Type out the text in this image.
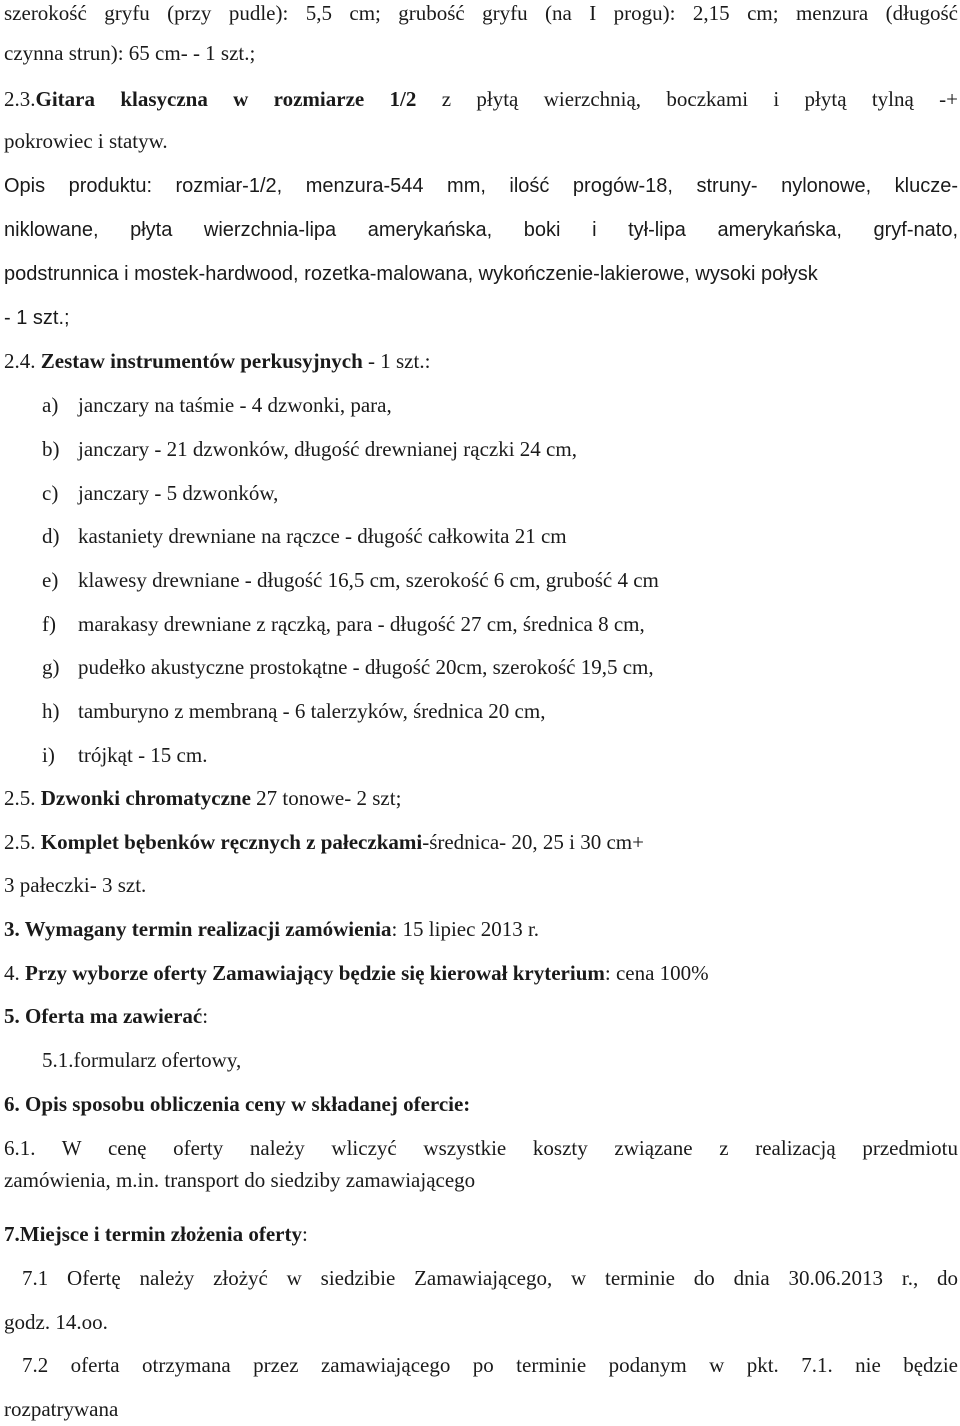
szerokość gryfu (przy pudle): 5,5 cm; grubość gryfu (na I progu): 2,15 cm; menzura (długość
czynna strun): 65 cm- - 1 szt.;
2.3.Gitara klasyczna w rozmiarze 1/2 z płytą wierzchnią, boczkami i płytą tylną -+
pokrowiec i statyw.
Opis produktu: rozmiar-1/2, menzura-544 mm, ilość progów-18, struny- nylonowe, klucze-
niklowane, płyta wierzchnia-lipa amerykańska, boki i tył-lipa amerykańska, gryf-nato,
podstrunnica i mostek-hardwood, rozetka-malowana, wykończenie-lakierowe, wysoki połysk
- 1 szt.;
2.4. Zestaw instrumentów perkusyjnych - 1 szt.:
a) janczary na taśmie - 4 dzwonki, para,
b) janczary - 21 dzwonków, długość drewnianej rączki 24 cm,
c) janczary - 5 dzwonków,
d) kastaniety drewniane na rączce - długość całkowita 21 cm
e) klawesy drewniane - długość 16,5 cm, szerokość 6 cm, grubość 4 cm
f) marakasy drewniane z rączką, para - długość 27 cm, średnica 8 cm,
g) pudełko akustyczne prostokątne - długość 20cm, szerokość 19,5 cm,
h) tamburyno z membraną - 6 talerzyków, średnica 20 cm,
i) trójkąt - 15 cm.
2.5. Dzwonki chromatyczne 27 tonowe- 2 szt;
2.5. Komplet bębenków ręcznych z pałeczkami-średnica- 20, 25 i 30 cm+
3 pałeczki- 3 szt.
3. Wymagany termin realizacji zamówienia: 15 lipiec 2013 r.
4. Przy wyborze oferty Zamawiający będzie się kierował kryterium: cena 100%
5. Oferta ma zawierać:
5.1.formularz ofertowy,
6. Opis sposobu obliczenia ceny w składanej ofercie:
6.1. W cenę oferty należy wliczyć wszystkie koszty związane z realizacją przedmiotu
zamówienia, m.in. transport do siedziby zamawiającego
7.Miejsce i termin złożenia oferty:
7.1 Ofertę należy złożyć w siedzibie Zamawiającego, w terminie do dnia 30.06.2013 r., do
godz. 14.oo.
7.2 oferta otrzymana przez zamawiającego po terminie podanym w pkt. 7.1. nie będzie
rozpatrywana
